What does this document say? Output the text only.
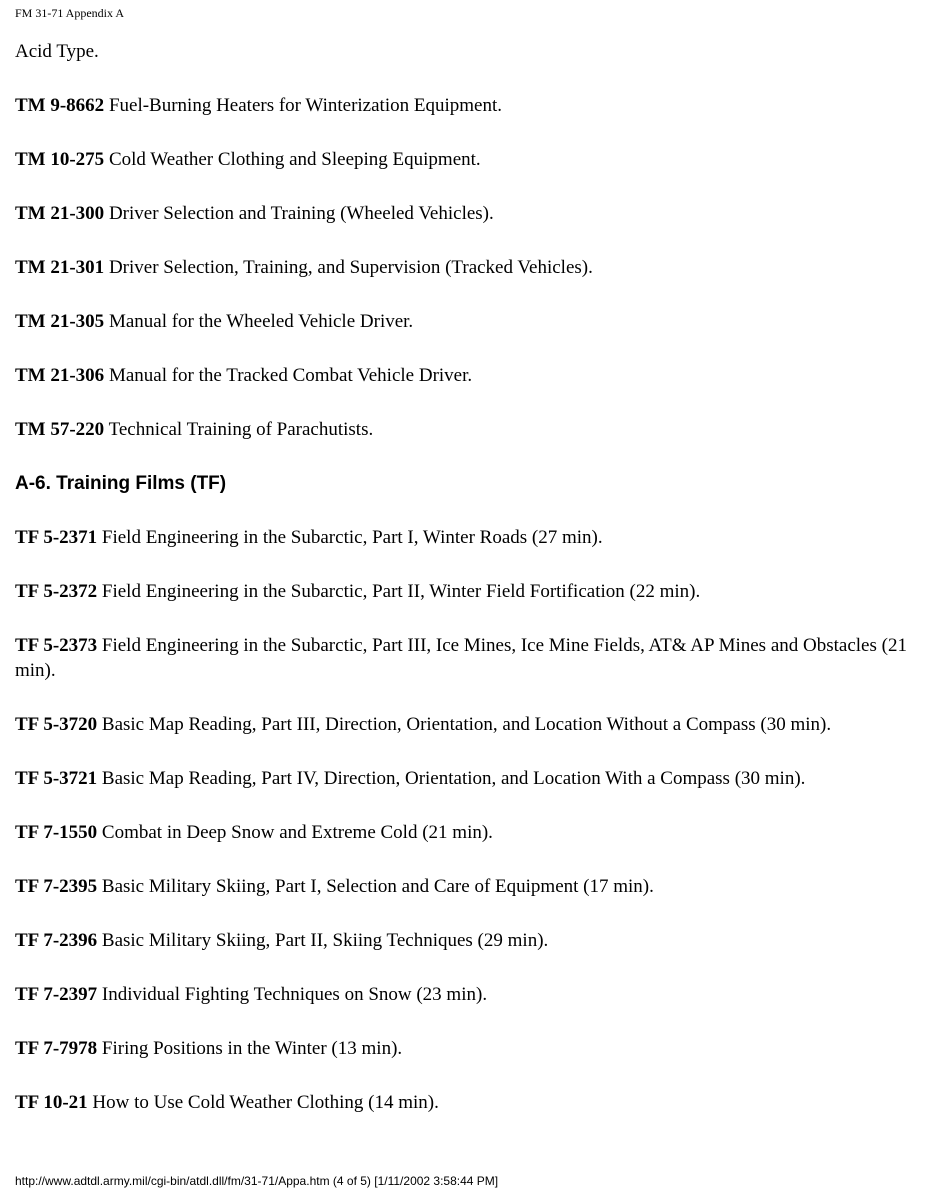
FM 31-71 Appendix A

Acid Type.

TM 9-8662 Fuel-Burning Heaters for Winterization Equipment.

TM 10-275 Cold Weather Clothing and Sleeping Equipment.

TM 21-300 Driver Selection and Training (Wheeled Vehicles).

TM 21-301 Driver Selection, Training, and Supervision (Tracked Vehicles).

TM 21-305 Manual for the Wheeled Vehicle Driver.

TM 21-306 Manual for the Tracked Combat Vehicle Driver.

TM 57-220 Technical Training of Parachutists.

A-6. Training Films (TF)

TF 5-2371 Field Engineering in the Subarctic, Part I, Winter Roads (27 min).

TF 5-2372 Field Engineering in the Subarctic, Part II, Winter Field Fortification (22 min).

TF 5-2373 Field Engineering in the Subarctic, Part III, Ice Mines, Ice Mine Fields, AT& AP Mines and Obstacles (21 min).

TF 5-3720 Basic Map Reading, Part III, Direction, Orientation, and Location Without a Compass (30 min).

TF 5-3721 Basic Map Reading, Part IV, Direction, Orientation, and Location With a Compass (30 min).

TF 7-1550 Combat in Deep Snow and Extreme Cold (21 min).

TF 7-2395 Basic Military Skiing, Part I, Selection and Care of Equipment (17 min).

TF 7-2396 Basic Military Skiing, Part II, Skiing Techniques (29 min).

TF 7-2397 Individual Fighting Techniques on Snow (23 min).

TF 7-7978 Firing Positions in the Winter (13 min).

TF 10-21 How to Use Cold Weather Clothing (14 min).

http://www.adtdl.army.mil/cgi-bin/atdl.dll/fm/31-71/Appa.htm (4 of 5) [1/11/2002 3:58:44 PM]
